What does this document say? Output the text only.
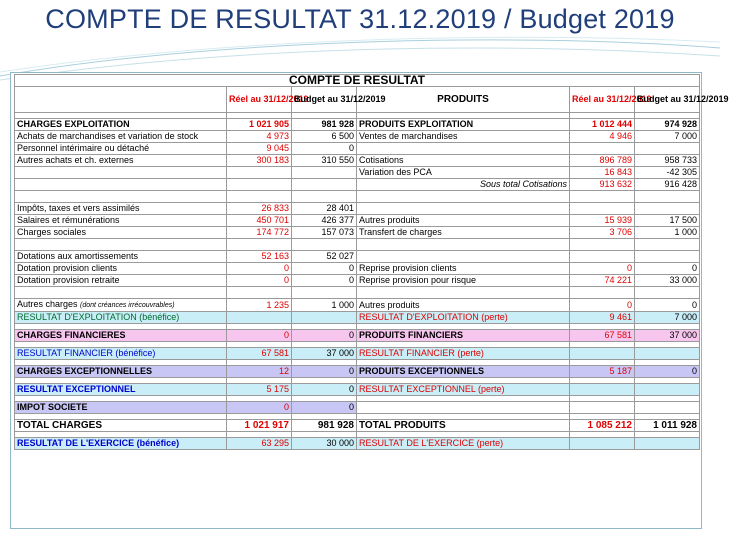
COMPTE DE RESULTAT 31.12.2019 / Budget 2019
COMPTE DE RESULTAT					
	Réel au 31/12/2019	Budget au 31/12/2019	PRODUITS	Réel au 31/12/2019	Budget au 31/12/2019

CHARGES EXPLOITATION	1 021 905	981 928	PRODUITS EXPLOITATION	1 012 444	974 928
Achats de marchandises et variation de stock	4 973	6 500	Ventes de marchandises	4 946	7 000
Personnel intérimaire ou détaché	9 045	0			
Autres achats et ch. externes	300 183	310 550	Cotisations	896 789	958 733
			Variation des PCA	16 843	-42 305
			Sous total Cotisations	913 632	916 428

Impôts, taxes et vers assimilés	26 833	28 401			
Salaires et rémunérations	450 701	426 377	Autres produits	15 939	17 500
Charges sociales	174 772	157 073	Transfert de charges	3 706	1 000

Dotations aux amortissements	52 163	52 027			
Dotation provision clients	0	0	Reprise provision clients	0	0
Dotation provision retraite	0	0	Reprise provision pour risque	74 221	33 000

Autres charges (dont créances irrécouvrables)	1 235	1 000	Autres produits	0	0
RESULTAT D'EXPLOITATION (bénéfice)			RESULTAT D'EXPLOITATION (perte)	9 461	7 000

CHARGES FINANCIERES	0	0	PRODUITS FINANCIERS	67 581	37 000

RESULTAT FINANCIER (bénéfice)	67 581	37 000	RESULTAT FINANCIER (perte)		

CHARGES EXCEPTIONNELLES	12	0	PRODUITS EXCEPTIONNELS	5 187	0

RESULTAT EXCEPTIONNEL	5 175	0	RESULTAT EXCEPTIONNEL (perte)		

IMPOT SOCIETE	0	0			

TOTAL CHARGES	1 021 917	981 928	TOTAL PRODUITS	1 085 212	1 011 928

RESULTAT DE L'EXERCICE (bénéfice)	63 295	30 000	RESULTAT DE L'EXERCICE (perte)		
